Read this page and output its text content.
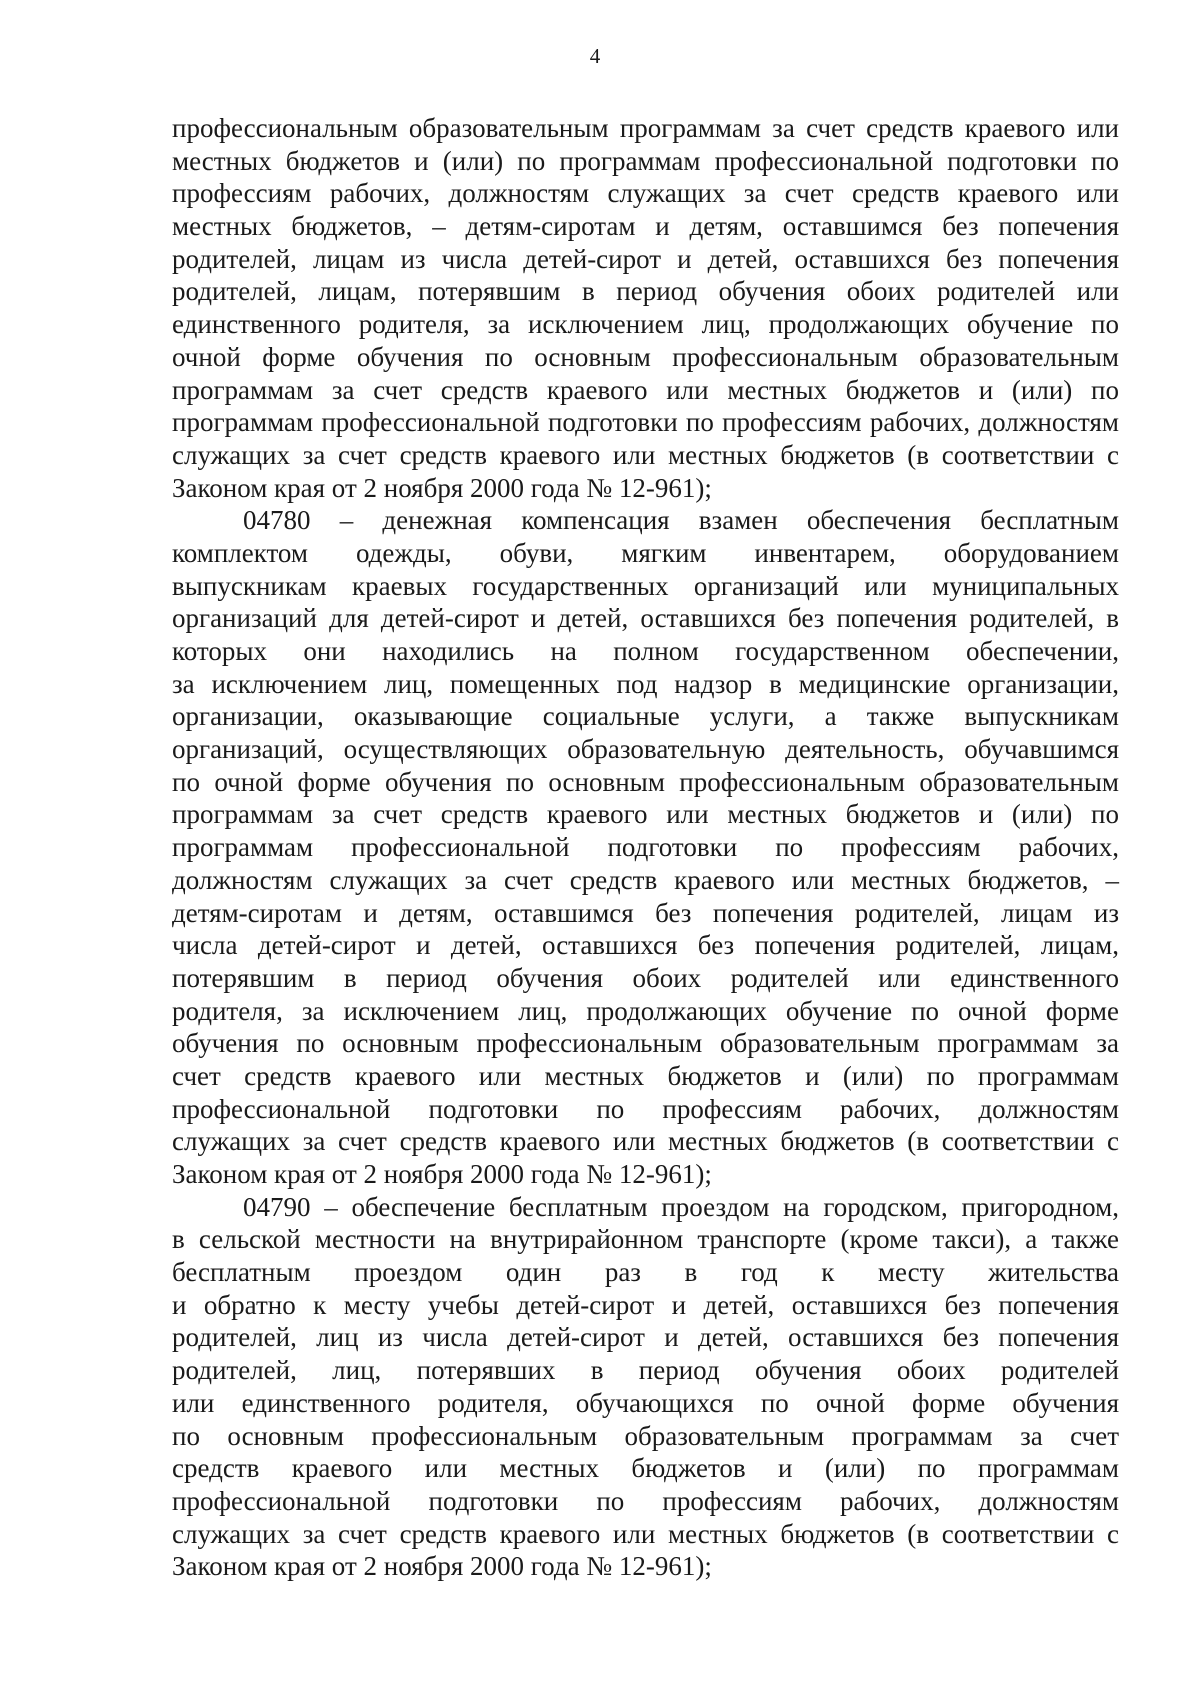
4
профессиональным образовательным программам за счет средств краевого или
местных бюджетов и (или) по программам профессиональной подготовки по
профессиям рабочих, должностям служащих за счет средств краевого или
местных бюджетов, – детям-сиротам и детям, оставшимся без попечения
родителей, лицам из числа детей-сирот и детей, оставшихся без попечения
родителей, лицам, потерявшим в период обучения обоих родителей или
единственного родителя, за исключением лиц, продолжающих обучение по
очной форме обучения по основным профессиональным образовательным
программам за счет средств краевого или местных бюджетов и (или) по
программам профессиональной подготовки по профессиям рабочих, должностям
служащих за счет средств краевого или местных бюджетов (в соответствии с
Законом края от 2 ноября 2000 года № 12-961);
04780 – денежная компенсация взамен обеспечения бесплатным
комплектом одежды, обуви, мягким инвентарем, оборудованием
выпускникам краевых государственных организаций или муниципальных
организаций для детей-сирот и детей, оставшихся без попечения родителей, в
которых они находились на полном государственном обеспечении,
за исключением лиц, помещенных под надзор в медицинские организации,
организации, оказывающие социальные услуги, а также выпускникам
организаций, осуществляющих образовательную деятельность, обучавшимся
по очной форме обучения по основным профессиональным образовательным
программам за счет средств краевого или местных бюджетов и (или) по
программам профессиональной подготовки по профессиям рабочих,
должностям служащих за счет средств краевого или местных бюджетов, –
детям-сиротам и детям, оставшимся без попечения родителей, лицам из
числа детей-сирот и детей, оставшихся без попечения родителей, лицам,
потерявшим в период обучения обоих родителей или единственного
родителя, за исключением лиц, продолжающих обучение по очной форме
обучения по основным профессиональным образовательным программам за
счет средств краевого или местных бюджетов и (или) по программам
профессиональной подготовки по профессиям рабочих, должностям
служащих за счет средств краевого или местных бюджетов (в соответствии с
Законом края от 2 ноября 2000 года № 12-961);
04790 – обеспечение бесплатным проездом на городском, пригородном,
в сельской местности на внутрирайонном транспорте (кроме такси), а также
бесплатным проездом один раз в год к месту жительства
и обратно к месту учебы детей-сирот и детей, оставшихся без попечения
родителей, лиц из числа детей-сирот и детей, оставшихся без попечения
родителей, лиц, потерявших в период обучения обоих родителей
или единственного родителя, обучающихся по очной форме обучения
по основным профессиональным образовательным программам за счет
средств краевого или местных бюджетов и (или) по программам
профессиональной подготовки по профессиям рабочих, должностям
служащих за счет средств краевого или местных бюджетов (в соответствии с
Законом края от 2 ноября 2000 года № 12-961);
